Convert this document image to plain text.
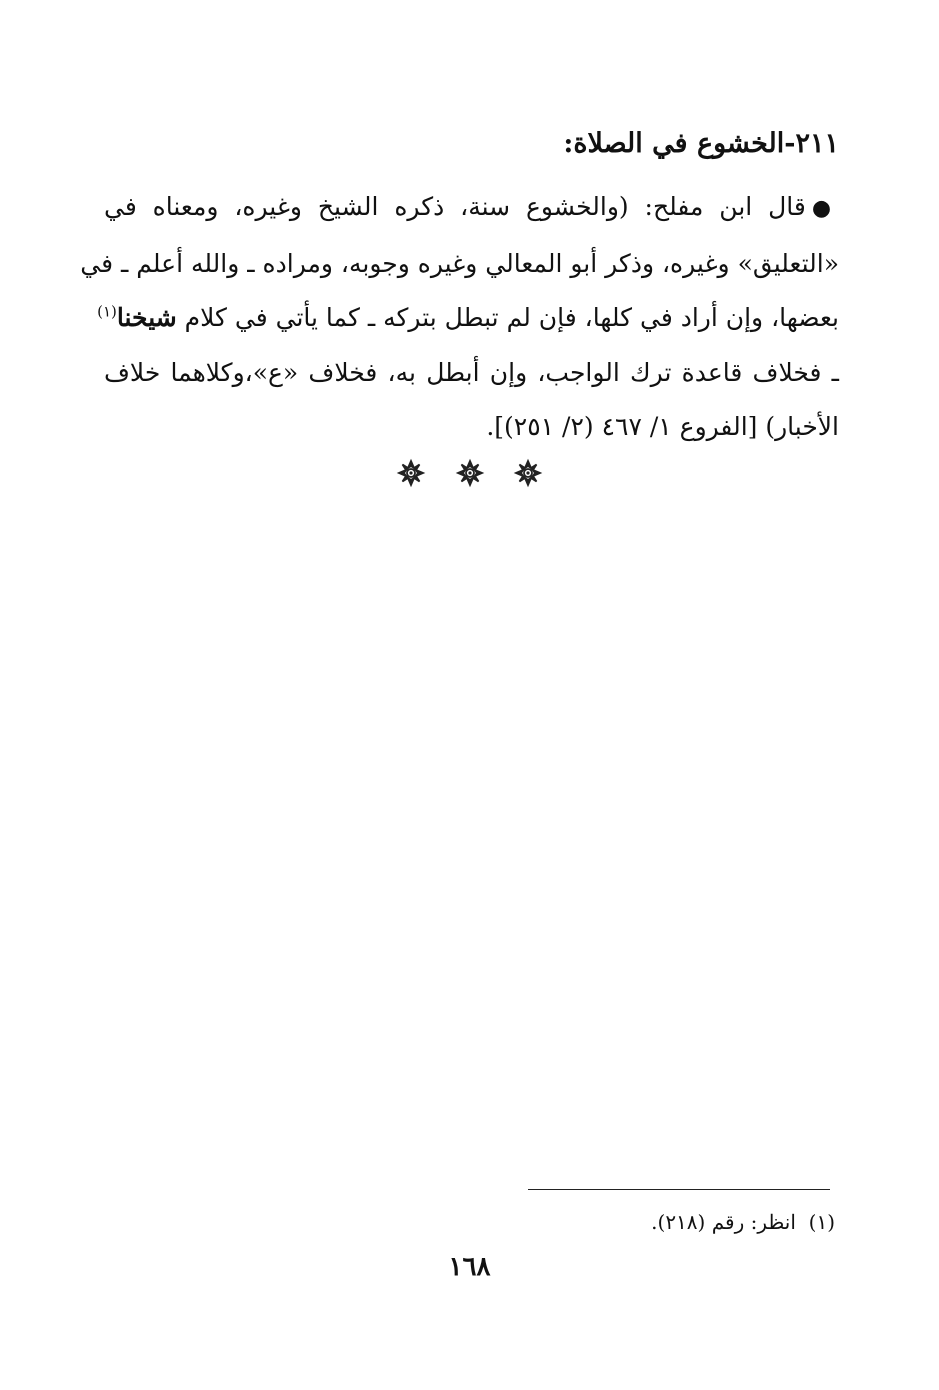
٢١١-الخشوع في الصلاة:
●قال ابن مفلح: (والخشوع سنة، ذكره الشيخ وغيره، ومعناه في
«التعليق» وغيره، وذكر أبو المعالي وغيره وجوبه، ومراده ـ والله أعلم ـ في
بعضها، وإن أراد في كلها، فإن لم تبطل بتركه ـ كما يأتي في كلام شيخنا$^{(١)}$
ـ فخلاف قاعدة ترك الواجب، وإن أبطل به، فخلاف «ع»،وكلاهما خلاف
الأخبار) [الفروع ١/ ٤٦٧ (٢/ ٢٥١)].

(١)  انظر: رقم (٢١٨).
١٦٨
